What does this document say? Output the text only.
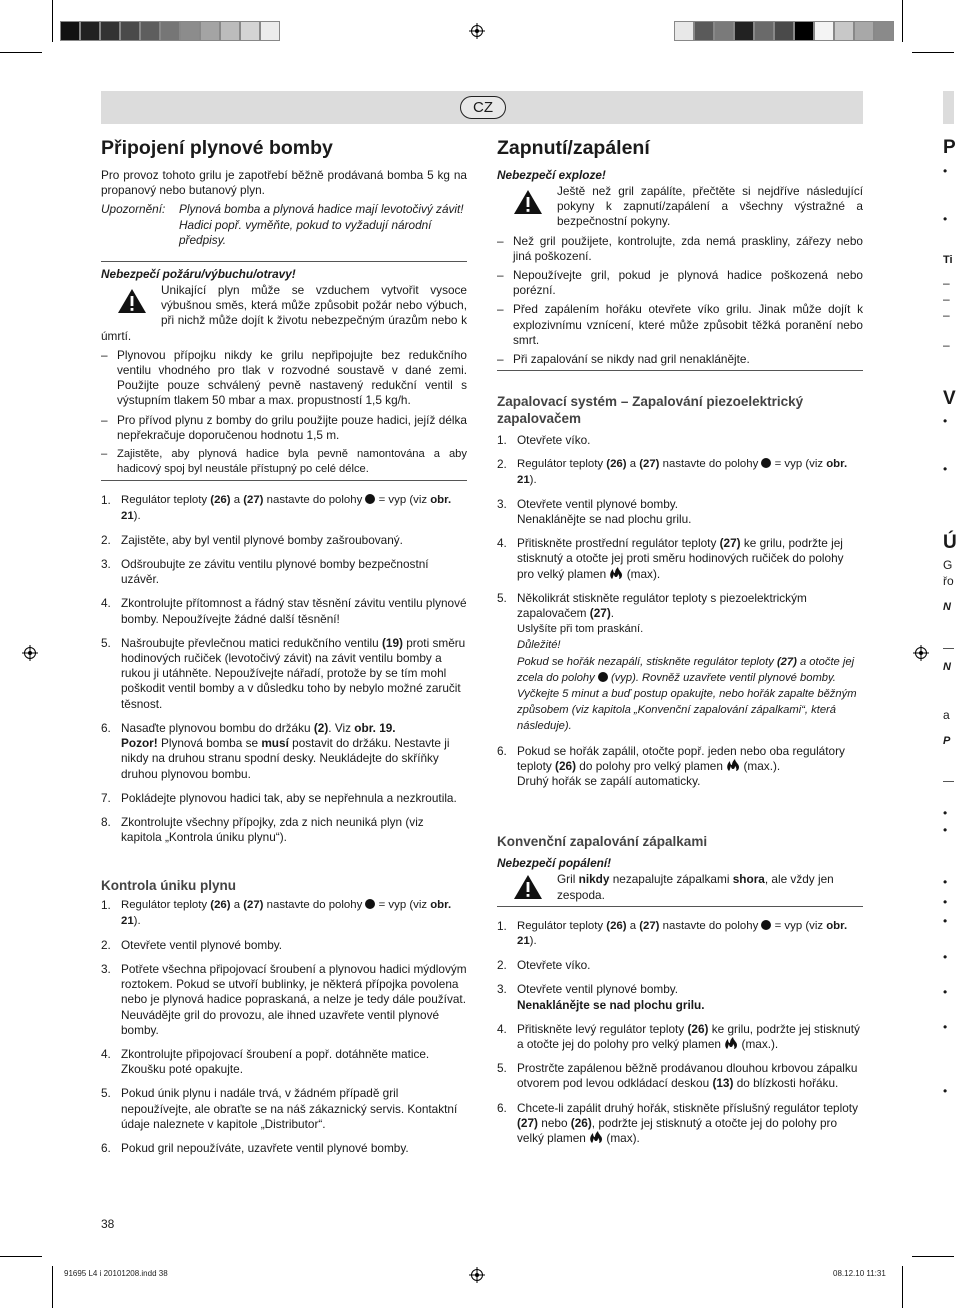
CZ
Připojení plynové bomby

Pro provoz tohoto grilu je zapotřebí běžně prodávaná bomba 5 kg na propanový nebo butanový plyn.

Upozornění:	Plynová bomba a plynová hadice mají levotočivý závit! Hadici popř. vyměňte, pokud to vyžadují národní předpisy.
Nebezpečí požáru/výbuchu/otravy!

Unikající plyn může se vzduchem vytvořit vysoce výbušnou směs, která může způsobit požár nebo výbuch, při nichž může dojít k životu nebezpečným úrazům nebo k úmrtí.

– Plynovou přípojku nikdy ke grilu nepřipojujte bez redukčního ventilu vhodného pro tlak v rozvodné soustavě v dané zemi. Použijte pouze schválený pevně nastavený redukční ventil s výstupním tlakem 50 mbar a max. propustností 1,5 kg/h.
– Pro přívod plynu z bomby do grilu použijte pouze hadici, jejíž délka nepřekračuje doporučenou hodnotu 1,5 m.
– Zajistěte, aby plynová hadice byla pevně namontována a aby hadicový spoj byl neustále přístupný po celé délce.
1. Regulátor teploty (26) a (27) nastavte do polohy  = vyp (viz obr. 21).
2. Zajistěte, aby byl ventil plynové bomby zašroubovaný.
3. Odšroubujte ze závitu ventilu plynové bomby bezpečnostní uzávěr.
4. Zkontrolujte přítomnost a řádný stav těsnění závitu ventilu plynové bomby. Nepoužívejte žádné další těsnění!
5. Našroubujte převlečnou matici redukčního ventilu (19) proti směru hodinových ručiček (levotočivý závit) na závit ventilu bomby a rukou ji utáhněte. Nepoužívejte nářadí, protože by se tím mohl poškodit ventil bomby a v důsledku toho by nebylo možné zaručit těsnost.
6. Nasaďte plynovou bombu do držáku (2). Viz obr. 19.
Pozor! Plynová bomba se musí postavit do držáku. Nestavte ji nikdy na druhou stranu spodní desky. Neukládejte do skříňky druhou plynovou bombu.
7. Pokládejte plynovou hadici tak, aby se nepřehnula a nezkroutila.
8. Zkontrolujte všechny přípojky, zda z nich neuniká plyn (viz kapitola „Kontrola úniku plynu“).
Kontrola úniku plynu
1. Regulátor teploty (26) a (27) nastavte do polohy  = vyp (viz obr. 21).
2. Otevřete ventil plynové bomby.
3. Potřete všechna připojovací šroubení a plynovou hadici mýdlovým roztokem. Pokud se utvoří bublinky, je některá přípojka povolena nebo je plynová hadice popraskaná, a nelze je tedy dále používat.
Neuvádějte gril do provozu, ale ihned uzavřete ventil plynové bomby.
4. Zkontrolujte připojovací šroubení a popř. dotáhněte matice. Zkoušku poté opakujte.
5. Pokud únik plynu i nadále trvá, v žádném případě gril nepoužívejte, ale obraťte se na náš zákaznický servis. Kontaktní údaje naleznete v kapitole „Distributor“.
6. Pokud gril nepoužíváte, uzavřete ventil plynové bomby.
Zapnutí/zapálení
Nebezpečí exploze!

Ještě než gril zapálíte, přečtěte si nejdříve následující pokyny k zapnutí/zapálení a všechny výstražné a bezpečnostní pokyny.

– Než gril použijete, kontrolujte, zda nemá praskliny, zářezy nebo jiná poškození.
– Nepoužívejte gril, pokud je plynová hadice poškozená nebo porézní.
– Před zapálením hořáku otevřete víko grilu. Jinak může dojít k explozivnímu vznícení, které může způsobit těžká poranění nebo smrt.
– Při zapalování se nikdy nad gril nenaklánějte.
Zapalovací systém – Zapalování piezoelektrický zapalovačem
1. Otevřete víko.
2. Regulátor teploty (26) a (27) nastavte do polohy  = vyp (viz obr. 21).
3. Otevřete ventil plynové bomby.
Nenaklánějte se nad plochu grilu.
4. Přitiskněte prostřední regulátor teploty (27) ke grilu, podržte jej stisknutý a otočte jej proti směru hodinových ručiček do polohy pro velký plamen  (max).
5. Několikrát stiskněte regulátor teploty s piezoelektrickým zapalovačem (27).
Uslyšíte při tom praskání.
Důležité!
Pokud se hořák nezapálí, stiskněte regulátor teploty (27) a otočte jej zcela do polohy  (vyp). Rovněž uzavřete ventil plynové bomby. Vyčkejte 5 minut a buď postup opakujte, nebo hořák zapalte běžným způsobem (viz kapitola „Konvenční zapalování zápalkami“, která následuje).
6. Pokud se hořák zapálil, otočte popř. jeden nebo oba regulátory teploty (26) do polohy pro velký plamen  (max.).
Druhý hořák se zapálí automaticky.
Konvenční zapalování zápalkami
Nebezpečí popálení!

Gril nikdy nezapalujte zápalkami shora, ale vždy jen zespoda.

1. Regulátor teploty (26) a (27) nastavte do polohy  = vyp (viz obr. 21).
2. Otevřete víko.
3. Otevřete ventil plynové bomby.
Nenaklánějte se nad plochu grilu.
4. Přitiskněte levý regulátor teploty (26) ke grilu, podržte jej stisknutý a otočte jej do polohy pro velký plamen  (max.).
5. Prostrčte zapálenou běžně prodávanou dlouhou krbovou zápalku otvorem pod levou odkládací deskou (13) do blízkosti hořáku.
6. Chcete-li zapálit druhý hořák, stiskněte příslušný regulátor teploty (27) nebo (26), podržte jej stisknutý a otočte jej do polohy pro velký plamen  (max).
P
•
•
Ti
–
–
–
–
V
•
•
Ú
G
řo
N
N
a
P
•
•
•
•
•
•
•
•
•
38
91695 L4 i 20101208.indd 38	08.12.10 11:31
